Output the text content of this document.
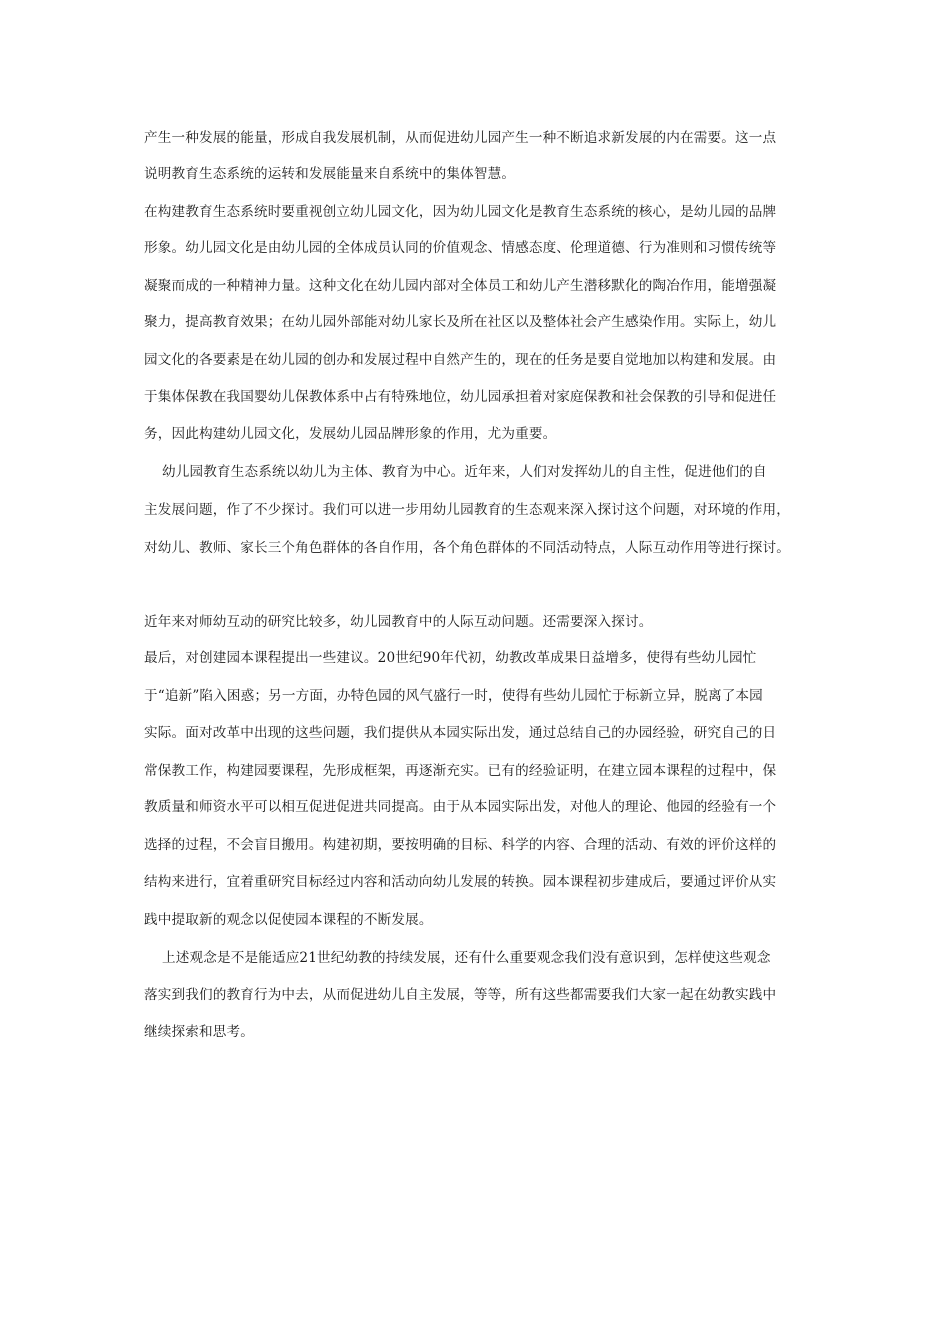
产生一种发展的能量，形成自我发展机制，从而促进幼儿园产生一种不断追求新发展的内在需要。这一点
说明教育生态系统的运转和发展能量来自系统中的集体智慧。
在构建教育生态系统时要重视创立幼儿园文化，因为幼儿园文化是教育生态系统的核心，是幼儿园的品牌
形象。幼儿园文化是由幼儿园的全体成员认同的价值观念、情感态度、伦理道德、行为准则和习惯传统等
凝聚而成的一种精神力量。这种文化在幼儿园内部对全体员工和幼儿产生潜移默化的陶冶作用，能增强凝
聚力，提高教育效果；在幼儿园外部能对幼儿家长及所在社区以及整体社会产生感染作用。实际上，幼儿
园文化的各要素是在幼儿园的创办和发展过程中自然产生的，现在的任务是要自觉地加以构建和发展。由
于集体保教在我国婴幼儿保教体系中占有特殊地位，幼儿园承担着对家庭保教和社会保教的引导和促进任
务，因此构建幼儿园文化，发展幼儿园品牌形象的作用，尤为重要。
幼儿园教育生态系统以幼儿为主体、教育为中心。近年来，人们对发挥幼儿的自主性，促进他们的自
主发展问题，作了不少探讨。我们可以进一步用幼儿园教育的生态观来深入探讨这个问题，对环境的作用，
对幼儿、教师、家长三个角色群体的各自作用，各个角色群体的不同活动特点，人际互动作用等进行探讨。
近年来对师幼互动的研究比较多，幼儿园教育中的人际互动问题。还需要深入探讨。
最后，对创建园本课程提出一些建议。20世纪90年代初，幼教改革成果日益增多，使得有些幼儿园忙
于“追新”陷入困惑；另一方面，办特色园的风气盛行一时，使得有些幼儿园忙于标新立异，脱离了本园
实际。面对改革中出现的这些问题，我们提供从本园实际出发，通过总结自己的办园经验，研究自己的日
常保教工作，构建园要课程，先形成框架，再逐渐充实。已有的经验证明，在建立园本课程的过程中，保
教质量和师资水平可以相互促进促进共同提高。由于从本园实际出发，对他人的理论、他园的经验有一个
选择的过程，不会盲目搬用。构建初期，要按明确的目标、科学的内容、合理的活动、有效的评价这样的
结构来进行，宜着重研究目标经过内容和活动向幼儿发展的转换。园本课程初步建成后，要通过评价从实
践中提取新的观念以促使园本课程的不断发展。
上述观念是不是能适应21世纪幼教的持续发展，还有什么重要观念我们没有意识到，怎样使这些观念
落实到我们的教育行为中去，从而促进幼儿自主发展，等等，所有这些都需要我们大家一起在幼教实践中
继续探索和思考。
